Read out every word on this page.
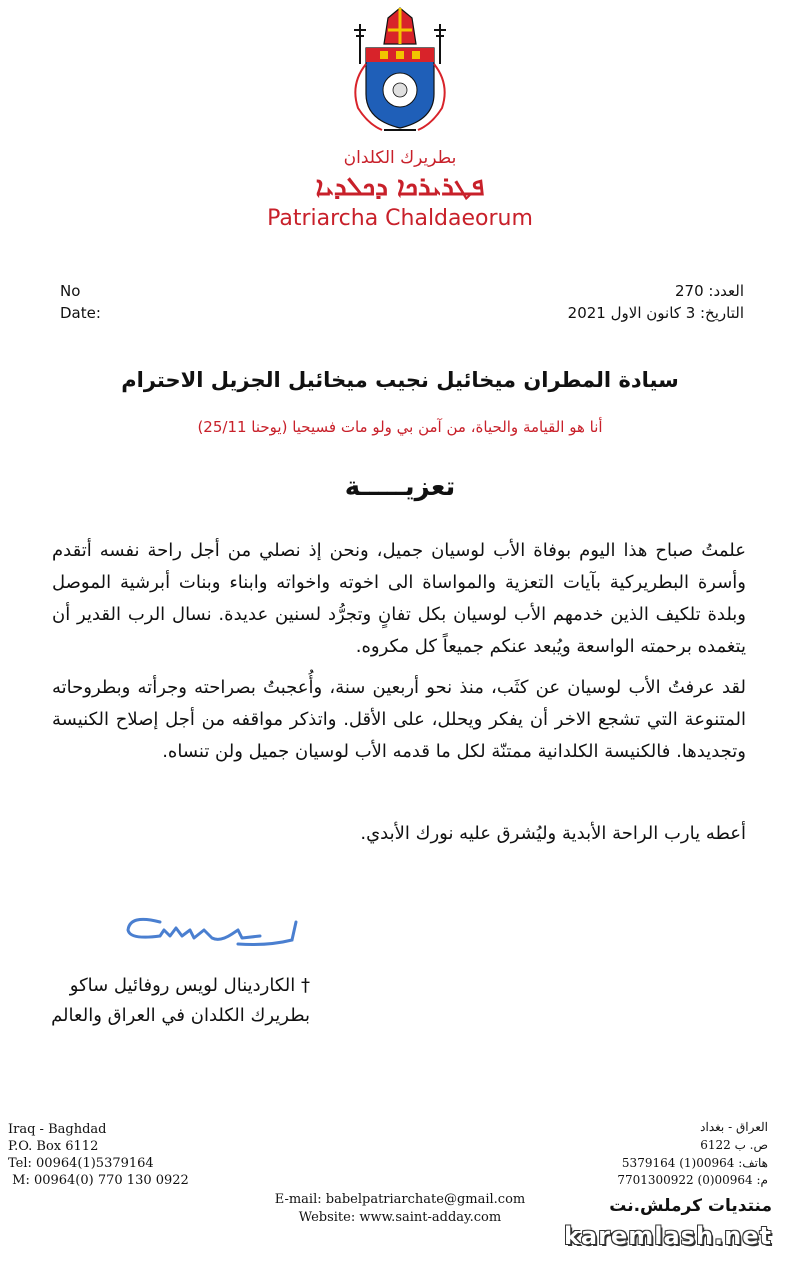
بطريرك الكلدان
ܦܛܪܝܪܟܐ ܕܟܠܕܝܐ
Patriarcha Chaldaeorum
No
Date:
العدد: 270
التاريخ: 3 كانون الاول 2021
سيادة المطران ميخائيل نجيب ميخائيل الجزيل الاحترام
أنا هو القيامة والحياة، من آمن بي ولو مات فسيحيا (يوحنا 25/11)
تعزيـــــة
علمتُ صباح هذا اليوم بوفاة الأب لوسيان جميل، ونحن إذ نصلي من أجل راحة نفسه أتقدم وأسرة البطريركية بآيات التعزية والمواساة الى اخوته واخواته وابناء وبنات أبرشية الموصل وبلدة تلكيف الذين خدمهم الأب لوسيان بكل تفانٍ وتجرُّد لسنين عديدة. نسال الرب القدير أن يتغمده برحمته الواسعة ويُبعد عنكم جميعاً كل مكروه.
لقد عرفتُ الأب لوسيان عن كثَب، منذ نحو أربعين سنة، وأُعجبتُ بصراحته وجرأته وبطروحاته المتنوعة التي تشجع الاخر أن يفكر ويحلل، على الأقل. واتذكر مواقفه من أجل إصلاح الكنيسة وتجديدها. فالكنيسة الكلدانية ممتنّة لكل ما قدمه الأب لوسيان جميل ولن تنساه.
أعطه يارب الراحة الأبدية وليُشرق عليه نورك الأبدي.
† الكاردينال لويس روفائيل ساكو
بطريرك الكلدان في العراق والعالم
Iraq - Baghdad
P.O. Box 6112
Tel: 00964(1)5379164
M: 00964(0) 770 130 0922
العراق - بغداد
ص. ب 6122
هاتف: 00964(1) 5379164
م: 00964(0) 7701300922
E-mail: babelpatriarchate@gmail.com
Website: www.saint-adday.com
منتديات كرملش.نت
karemlash.net
